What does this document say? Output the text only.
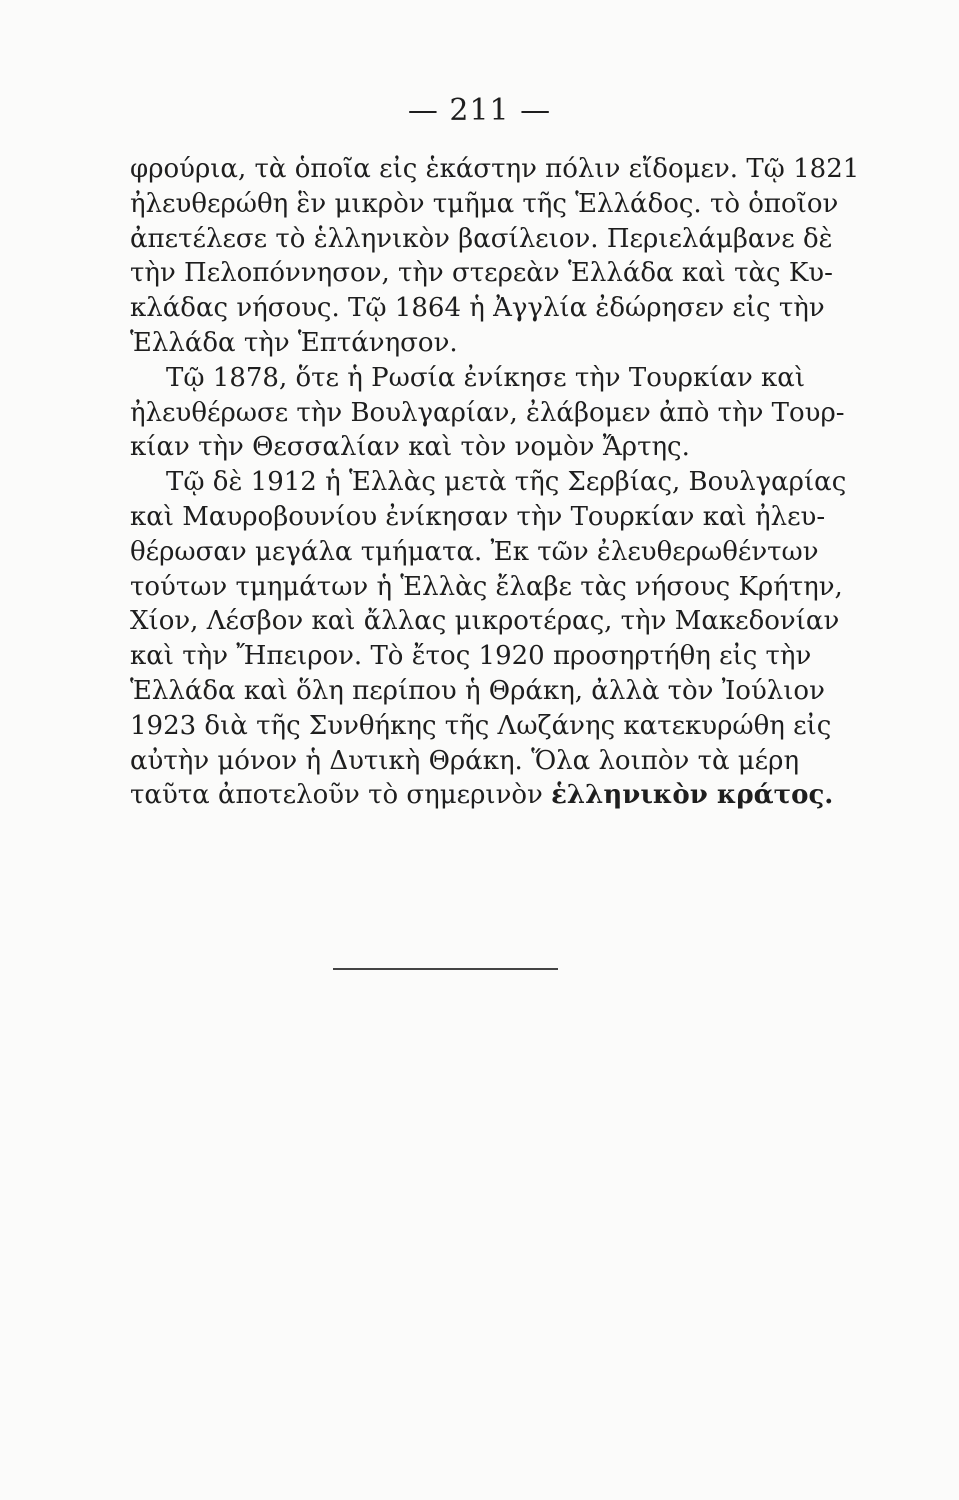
— 211 —
φρούρια, τὰ ὁποῖα εἰς ἑκάστην πόλιν εἴδομεν. Τῷ 1821
ἠλευθερώθη ἓν μικρὸν τμῆμα τῆς Ἑλλάδος. τὸ ὁποῖον
ἀπετέλεσε τὸ ἑλληνικὸν βασίλειον. Περιελάμβανε δὲ
τὴν Πελοπόννησον, τὴν στερεὰν Ἑλλάδα καὶ τὰς Κυ-
κλάδας νήσους. Τῷ 1864 ἡ Ἀγγλία ἐδώρησεν εἰς τὴν
Ἑλλάδα τὴν Ἑπτάνησον.
Τῷ 1878, ὅτε ἡ Ρωσία ἐνίκησε τὴν Τουρκίαν καὶ
ἠλευθέρωσε τὴν Βουλγαρίαν, ἐλάβομεν ἀπὸ τὴν Τουρ-
κίαν τὴν Θεσσαλίαν καὶ τὸν νομὸν Ἄρτης.
Τῷ δὲ 1912 ἡ Ἑλλὰς μετὰ τῆς Σερβίας, Βουλγαρίας
καὶ Μαυροβουνίου ἐνίκησαν τὴν Τουρκίαν καὶ ἠλευ-
θέρωσαν μεγάλα τμήματα. Ἐκ τῶν ἐλευθερωθέντων
τούτων τμημάτων ἡ Ἑλλὰς ἔλαβε τὰς νήσους Κρήτην,
Χίον, Λέσβον καὶ ἄλλας μικροτέρας, τὴν Μακεδονίαν
καὶ τὴν Ἤπειρον. Τὸ ἔτος 1920 προσηρτήθη εἰς τὴν
Ἑλλάδα καὶ ὅλη περίπου ἡ Θράκη, ἀλλὰ τὸν Ἰούλιον
1923 διὰ τῆς Συνθήκης τῆς Λωζάνης κατεκυρώθη εἰς
αὐτὴν μόνον ἡ Δυτικὴ Θράκη. Ὅλα λοιπὸν τὰ μέρη
ταῦτα ἀποτελοῦν τὸ σημερινὸν ἑλληνικὸν κράτος.
